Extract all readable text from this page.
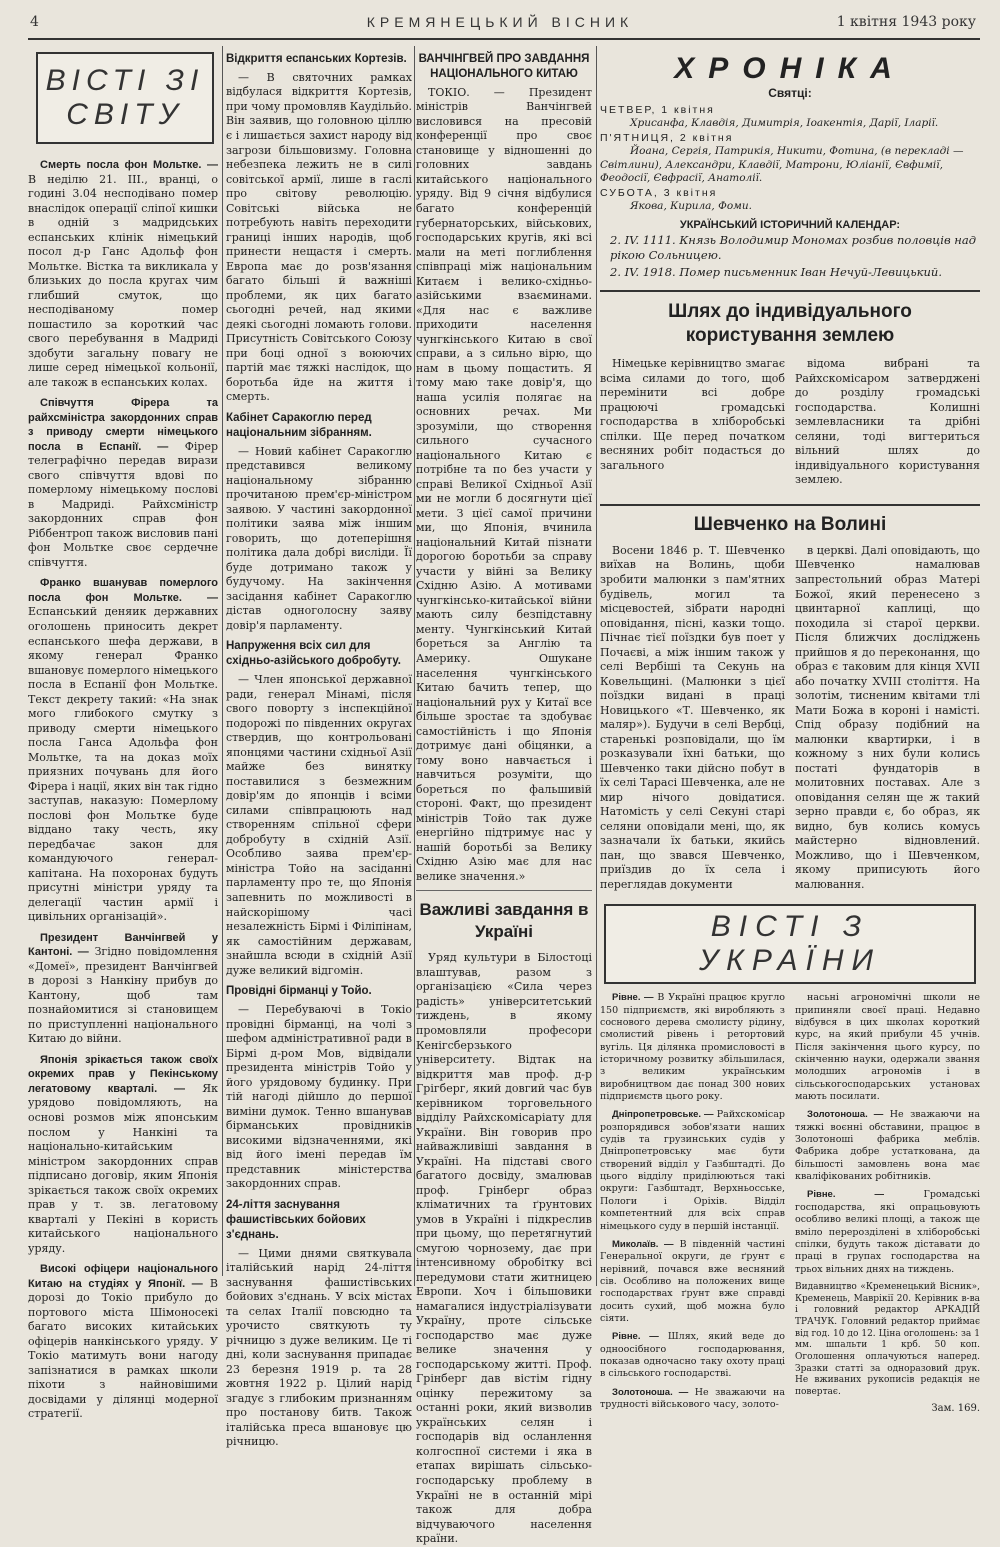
4	КРЕМЯНЕЦЬКИЙ ВІСНИК	1 квітня 1943 року
ВІСТІ ЗІ СВІТУ

Смерть посла фон Мольтке. — В неділю 21. III., вранці, о годині 3.04 несподівано помер внаслідок операції сліпої кишки в одній з мадридських еспанських клінік німецький посол д-р Ганс Адольф фон Мольтке. Вістка та викликала у близьких до посла кругах чим глибший смуток, що несподіваному помер пошастило за короткий час свого перебування в Мадриді здобути загальну повагу не лише серед німецької кольонії, але також в еспанських колах.

Співчуття Фірера та райхсміністра закордонних справ з приводу смерти німецького посла в Еспанії. — Фірер телеграфічно передав вирази свого співчуття вдові по померлому німецькому послові в Мадриді. Райхсміністр закордонних справ фон Ріббентроп також висловив пані фон Мольтке своє сердечне співчуття.

Франко вшанував померлого посла фон Мольтке. — Еспанський деняик державних оголошень приносить декрет еспанського шефа держави, в якому генерал Франко вшановує померлого німецького посла в Еспанії фон Мольтке. Текст декрету такий: «На знак мого глибокого смутку з приводу смерти німецького посла Ганса Адольфа фон Мольтке, та на доказ моїх приязних почувань для його Фірера і нації, яких він так гідно заступав, наказую: Померлому послові фон Мольтке буде віддано таку честь, яку передбачає закон для командуючого генерал-капітана. На похоронах будуть присутні міністри уряду та делегації частин армії і цивільних організацій».

Президент Ванчінгвей у Кантоні. — Згідно повідомлення «Домеї», президент Ванчінгвей в дорозі з Нанкіну прибув до Кантону, щоб там познайомитися зі становищем по приступленні національного Китаю до війни.

Японія зрікається також своїх окремих прав у Пекінському легатовому кварталі. — Як урядово повідомляють, на основі розмов між японським послом у Нанкіні та національно-китайським міністром закордонних справ підписано договір, яким Японія зрікається також своїх окремих прав у т. зв. легатовому кварталі у Пекіні в користь китайського національного уряду.

Високі офіцери національного Китаю на студіях у Японії. — В дорозі до Токіо прибуло до портового міста Шімоносекі багато високих китайських офіцерів нанкінського уряду. У Токіо матимуть вони нагоду запізнатися в рамках школи піхоти з найновішими досвідами у ділянці модерної стратегії.

Відкриття еспанських Кортезів.

— В святочних рамках відбулася відкриття Кортезів, при чому промовляв Каудільйо. Він заявив, що головною ціллю є і лишається захист народу від загрози більшовизму. Головна небезпека лежить не в силі совітської армії, лише в гаслі про світову революцію. Совітські війська не потребують навіть переходити границі інших народів, щоб принести нещастя і смерть. Европа має до розв'язання багато більші й важніші проблеми, як цих багато сьогодні речей, над якими деякі сьогодні ломають голови. Присутність Совітського Союзу при боці одної з воюючих партій має тяжкі наслідок, що боротьба йде на життя і смерть.

Кабінет Саракоглю перед національним зібранням.

— Новий кабінет Саракоглю представився великому національному зібранню прочитаною прем'єр-міністром заявою. У частині закордонної політики заява між іншим говорить, що дотеперішня політика дала добрі висліди. Її буде дотримано також у будучому. На закінчення засідання кабінет Саракоглю дістав одноголосну заяву довір'я парламенту.

Напруження всіх сил для східньо-азійського добробуту.

— Член японської державної ради, генерал Мінамі, після свого поворту з інспекційної подорожі по південних округах ствердив, що контрольовані японцями частини східньої Азії майже без винятку поставилися з безмежним довір'ям до японців і всіми силами співпрацюють над створенням спільної сфери добробуту в східній Азії. Особливо заява прем'єр-міністра Тойо на засіданні парламенту про те, що Японія запевнить по можливості в найскорішому часі незалежність Бірмі і Філіпінам, як самостійним державам, знайшла всюди в східній Азії дуже великий відгомін.

Провідні бірманці у Тойо.

— Перебуваючі в Токіо провідні бірманці, на чолі з шефом адміністративної ради в Бірмі д-ром Мов, відвідали президента міністрів Тойо у його урядовому будинку. При тій нагоді дійшло до першої виміни думок. Тенно вшанував бірманських провідників високими відзначеннями, які від його імені передав їм представник міністерства закордонних справ.

24-ліття заснування фашистівських бойових з'єднань.

— Цими днями святкувала італійський нарід 24-ліття заснування фашистівських бойових з'єднань. У всіх містах та селах Італії повсюдно та урочисто святкують ту річницю з дуже великим. Це ті дні, коли заснування припадає 23 березня 1919 р. та 28 жовтня 1922 р. Цілий нарід згадує з глибоким признанням про постанову битв. Також італійська преса вшановує цю річницю.

ВАНЧІНГВЕЙ ПРО ЗАВДАННЯ НАЦІОНАЛЬНОГО КИТАЮ

ТОКІО. — Президент міністрів Ванчінгвей висловився на пресовій конференції про своє становище у відношенні до головних завдань китайського національного уряду. Від 9 січня відбулися багато конференцій губернаторських, військових, господарських кругів, які всі мали на меті поглиблення співпраці між національним Китаєм і велико-східньо-азійськими взаєминами. «Для нас є важливе приходити населення чунгкінського Китаю в свої справи, а з сильно вірю, що нам в цьому пощастить. Я тому маю таке довір'я, що наша усилія полягає на основних речах. Ми зрозуміли, що створення сильного сучасного національного Китаю є потрібне та по без участи у справі Великої Східньої Азії ми не могли б досягнути цієї мети. З цієї самої причини ми, що Японія, вчинила національний Китай пізнати дорогою боротьби за справу участи у війні за Велику Східню Азію. А мотивами чунгкінсько-китайської війни мають силу безпідставну менту. Чунгкінський Китай бореться за Англію та Америку. Ошукане населення чунгкінського Китаю бачить тепер, що національний рух у Китаї все більше зростає та здобуває самостійність і що Японія дотримує дані обіцянки, а тому воно навчається і навчиться розуміти, що бореться по фальшивій стороні. Факт, що президент міністрів Тойо так дуже енергійно підтримує нас у нашій боротьбі за Велику Східню Азію має для нас велике значення.»

Важливі завдання в Україні

Уряд культури в Білостоці влаштував, разом з організацією «Сила через радість» університетський тиждень, в якому промовляли професори Кенігсберзького університету. Відтак на відкриття мав проф. д-р Грігберг, який довгий час був керівником торговельного відділу Райхскомісаріату для України. Він говорив про найважливіші завдання в Україні. На підставі свого багатого досвіду, змалював проф. Грінберг образ кліматичних та ґрунтових умов в Україні і підкреслив при цьому, що перетягнутий смугою чорнозему, дає при інтенсивному обробітку всі передумови стати житницею Европи. Хоч і більшовики намагалися індустріалізувати Україну, проте сільське господарство має дуже велике значення у господарському житті. Проф. Грінберг дав вістім гідну оцінку пережитому за останні роки, який визволив українських селян і господарів від осланлення колгоспної системи і яка в етапах вирішать сільсько-господарську проблему в Україні не в останній мірі також для добра відчуваючого населення країни.

ХРОНІКА
Святці:
ЧЕТВЕР, 1 квітня
Хрисанфа, Клавдія, Димитрія, Іоакентія, Дарії, Іларії.
П'ЯТНИЦЯ, 2 квітня
Йоана, Сергія, Патрикія, Никити, Фотина, (в перекладі — Світлини), Александри, Клавдії, Матрони, Юліанії, Євфимії, Феодосії, Євфрасії, Анатолії.
СУБОТА, 3 квітня
Якова, Кирила, Фоми.
УКРАЇНСЬКИЙ ІСТОРИЧНИЙ КАЛЕНДАР:
2. IV. 1111. Князь Володимир Мономах розбив половців над рікою Сольницею.
2. IV. 1918. Помер письменник Іван Нечуй-Левицький.
Шлях до індивідуального користування землею

Німецьке керівництво змагає всіма силами до того, щоб перемінити всі добре працюючі громадські господарства в хліборобські спілки. Ще перед початком весняних робіт подасться до загального

відома вибрані та Райхскомісаром затверджені до розділу громадські господарства. Колишні землевласники та дрібні селяни, тоді вигтериться вільний шлях до індивідуального користування землею.

Шевченко на Волині

Восени 1846 р. Т. Шевченко виїхав на Волинь, щоби зробити малюнки з пам'ятних будівель, могил та місцевостей, зібрати народні оповідання, пісні, казки тощо. Пічнає тієї поїздки був поет у Почаєві, а між іншим також у селі Вербіші та Секунь на Ковельщині. (Малюнки з цієї поїздки видані в праці Новицького «Т. Шевченко, як маляр»). Будучи в селі Вербці, старенькі розповідали, що їм розказували їхні батьки, що Шевченко таки дійсно побут в їх селі Тарасі Шевченка, але не мир нічого довідатися. Натомість у селі Секуні старі селяни оповідали мені, що, як зазначали їх батьки, якийсь пан, що звався Шевченко, приїздив до їх села і переглядав документи

в церкві. Далі оповідають, що Шевченко намалював запрестольний образ Матері Божої, який перенесено з цвинтарної каплиці, що походила зі старої церкви. Після ближчих досліджень прийшов я до переконання, що образ є таковим для кінця XVII або початку XVIII століття. На золотім, тисненим квітами тлі Мати Божа в короні і намісті. Спід образу подібний на малюнки квартирки, і в кожному з них були колись постаті фундаторів в молитовних поставах. Але з оповідання селян ще ж такий зерно правди є, бо образ, як видно, був колись комусь майстерно відновлений. Можливо, що і Шевченком, якому приписують його малювання.

ВІСТІ З УКРАЇНИ

Рівне. — В Україні працює кругло 150 підприємств, які виробляють з соснового дерева смолисту рідину, смолистий рівень і ретортовий вугіль. Ця ділянка промисловості в історичному розвитку збільшилася, з великим українським виробництвом дає понад 300 нових підприємств цього року.

Дніпропетровське. — Райхскомісар розпорядився зобов'язати наших судів та грузинських судів у Дніпропетровську має бути створений відділ у Газбштадті. До цього відділу приділюються такі округи: Газбштадт, Верхньосське, Пологи і Оріхів. Відділ компетентний для всіх справ німецького суду в першій інстанції.

Миколаїв. — В південній частині Генеральної округи, де ґрунт є нерівний, почався вже весняний сів. Особливо на положених вище господарствах ґрунт вже справді досить сухий, щоб можна було сіяти.

Рівне. — Шлях, який веде до одноосібного господарювання, показав одночасно таку охоту праці в сільського господарстві.

Золотоноша. — Не зважаючи на трудності військового часу, золото-

насьні агрономічні школи не припиняли своєї праці. Недавно відбувся в цих школах короткий курс, на який прибули 45 учнів. Після закінчення цього курсу, по скінченню науки, одержали звання молодших агрономів і в сільськогосподарських установах мають посилати.

Золотоноша. — Не зважаючи на тяжкі воєнні обставини, працює в Золотоноші фабрика меблів. Фабрика добре устаткована, да більшості замовлень вона має кваліфікованих робітників.

Рівне. —	Громадські господарства, які опрацьовують особливо великі площі, а також ще вміло перерозділені в хліборобські спілки, будуть також діставати до праці в групах господарства на трьох вільних днях на тиждень.

Видавництво «Кременецький Вісник», Кременець, Маврікії 20. Керівник в-ва і головний редактор АРКАДІЙ ТРАЧУК. Головний редактор приймає від год. 10 до 12. Ціна оголошень: за 1 мм. шпальти 1 крб. 50 коп. Оголошення оплачуються наперед. Зразки статті за одноразовий друк. Не вживаних рукописів редакція не повертає.
Зам. 169.
